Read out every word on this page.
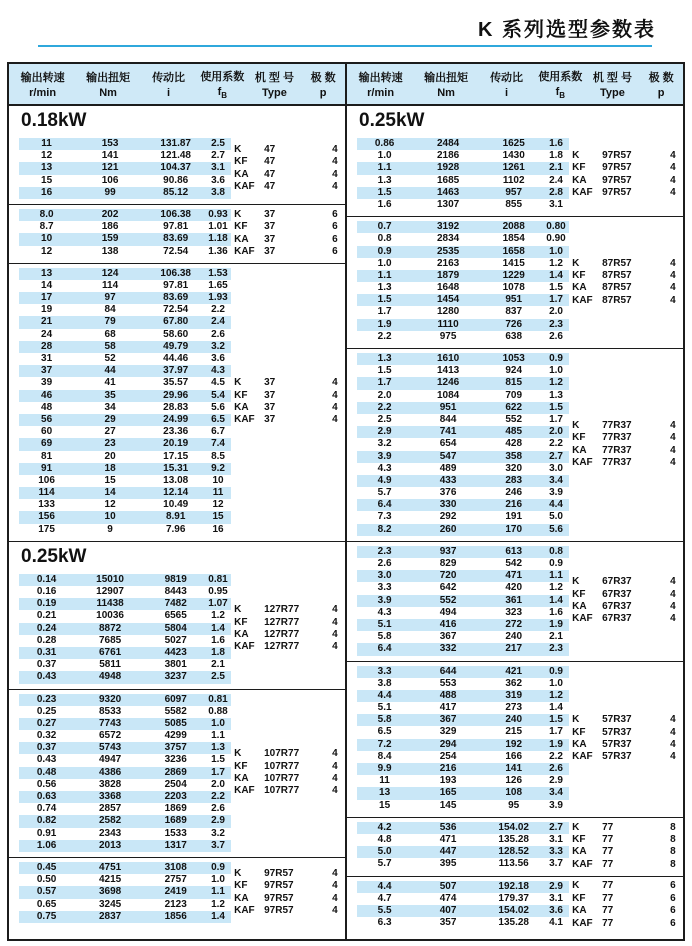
K 系列选型参数表
输出转速
r/min
输出扭矩
Nm
传动比
i
使用系数
$f_B$
机 型 号
Type
极 数
p
0.18kW
11	153	131.87	2.5
12	141	121.48	2.7
13	121	104.37	3.1
15	106	90.86	3.6
16	99	85.12	3.8
K	47	4
KF	47	4
KA	47	4
KAF 47	4
8.0	202	106.38	0.93
8.7	186	97.81	1.01
10	159	83.69	1.18
12	138	72.54	1.36
K	37	6
KF	37	6
KA	37	6
KAF 37	6
13	124	106.38	1.53
14	114	97.81	1.65
17	97	83.69	1.93
19	84	72.54	2.2
21	79	67.80	2.4
24	68	58.60	2.6
28	58	49.79	3.2
31	52	44.46	3.6
37	44	37.97	4.3
39	41	35.57	4.5
46	35	29.96	5.4
48	34	28.83	5.6
56	29	24.99	6.5
60	27	23.36	6.7
69	23	20.19	7.4
81	20	17.15	8.5
91	18	15.31	9.2
106	15	13.08	10
114	14	12.14	11
133	12	10.49	12
156	10	8.91	15
175	9	7.96	16
K	37	4
KF	37	4
KA	37	4
KAF 37	4
0.25kW
0.14	15010	9819	0.81
0.16	12907	8443	0.95
0.19	11438	7482	1.07
0.21	10036	6565	1.2
0.24	8872	5804	1.4
0.28	7685	5027	1.6
0.31	6761	4423	1.8
0.37	5811	3801	2.1
0.43	4948	3237	2.5
K	127R77	4
KF	127R77	4
KA	127R77	4
KAF 127R77	4
0.23	9320	6097	0.81
0.25	8533	5582	0.88
0.27	7743	5085	1.0
0.32	6572	4299	1.1
0.37	5743	3757	1.3
0.43	4947	3236	1.5
0.48	4386	2869	1.7
0.56	3828	2504	2.0
0.63	3368	2203	2.2
0.74	2857	1869	2.6
0.82	2582	1689	2.9
0.91	2343	1533	3.2
1.06	2013	1317	3.7
K	107R77	4
KF	107R77	4
KA	107R77	4
KAF 107R77	4
0.45	4751	3108	0.9
0.50	4215	2757	1.0
0.57	3698	2419	1.1
0.65	3245	2123	1.2
0.75	2837	1856	1.4
K	97R57	4
KF	97R57	4
KA	97R57	4
KAF 97R57	4
输出转速
r/min
输出扭矩
Nm
传动比
i
使用系数
$f_B$
机 型 号
Type
极 数
p
0.25kW
0.86	2484	1625	1.6
1.0	2186	1430	1.8
1.1	1928	1261	2.1
1.3	1685	1102	2.4
1.5	1463	957	2.8
1.6	1307	855	3.1
K	97R57	4
KF	97R57	4
KA	97R57	4
KAF 97R57	4
0.7	3192	2088	0.80
0.8	2834	1854	0.90
0.9	2535	1658	1.0
1.0	2163	1415	1.2
1.1	1879	1229	1.4
1.3	1648	1078	1.5
1.5	1454	951	1.7
1.7	1280	837	2.0
1.9	1110	726	2.3
2.2	975	638	2.6
K	87R57	4
KF	87R57	4
KA	87R57	4
KAF 87R57	4
1.3	1610	1053	0.9
1.5	1413	924	1.0
1.7	1246	815	1.2
2.0	1084	709	1.3
2.2	951	622	1.5
2.5	844	552	1.7
2.9	741	485	2.0
3.2	654	428	2.2
3.9	547	358	2.7
4.3	489	320	3.0
4.9	433	283	3.4
5.7	376	246	3.9
6.4	330	216	4.4
7.3	292	191	5.0
8.2	260	170	5.6
K	77R37	4
KF	77R37	4
KA	77R37	4
KAF 77R37	4
2.3	937	613	0.8
2.6	829	542	0.9
3.0	720	471	1.1
3.3	642	420	1.2
3.9	552	361	1.4
4.3	494	323	1.6
5.1	416	272	1.9
5.8	367	240	2.1
6.4	332	217	2.3
K	67R37	4
KF	67R37	4
KA	67R37	4
KAF 67R37	4
3.3	644	421	0.9
3.8	553	362	1.0
4.4	488	319	1.2
5.1	417	273	1.4
5.8	367	240	1.5
6.5	329	215	1.7
7.2	294	192	1.9
8.4	254	166	2.2
9.9	216	141	2.6
11	193	126	2.9
13	165	108	3.4
15	145	95	3.9
K	57R37	4
KF	57R37	4
KA	57R37	4
KAF 57R37	4
4.2	536	154.02	2.7
4.8	471	135.28	3.1
5.0	447	128.52	3.3
5.7	395	113.56	3.7
K	77	8
KF	77	8
KA	77	8
KAF 77	8
4.4	507	192.18	2.9
4.7	474	179.37	3.1
5.5	407	154.02	3.6
6.3	357	135.28	4.1
K	77	6
KF	77	6
KA	77	6
KAF 77	6
